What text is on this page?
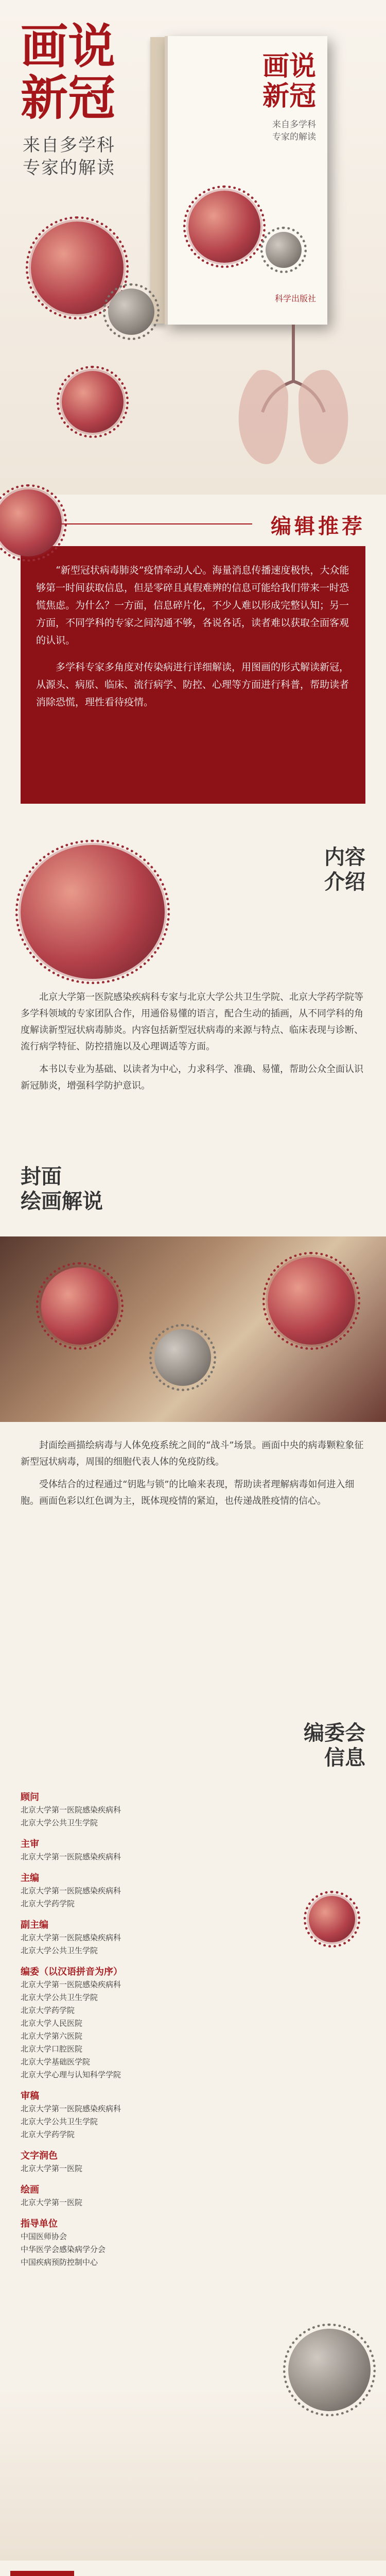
画说
新冠
来自多学科
专家的解读
画说
新冠
来自多学科
专家的解读
科学出版社
编辑推荐

“新型冠状病毒肺炎”疫情牵动人心。海量消息传播速度极快，大众能够第一时间获取信息，但是零碎且真假难辨的信息可能给我们带来一时恐慌焦虑。为什么？一方面，信息碎片化，不少人难以形成完整认知；另一方面，不同学科的专家之间沟通不够，各说各话，读者难以获取全面客观的认识。

多学科专家多角度对传染病进行详细解读，用图画的形式解读新冠，从源头、病原、临床、流行病学、防控、心理等方面进行科普，帮助读者消除恐慌，理性看待疫情。

内容
介绍

北京大学第一医院感染疾病科专家与北京大学公共卫生学院、北京大学药学院等多学科领域的专家团队合作，用通俗易懂的语言，配合生动的插画，从不同学科的角度解读新型冠状病毒肺炎。内容包括新型冠状病毒的来源与特点、临床表现与诊断、流行病学特征、防控措施以及心理调适等方面。

本书以专业为基础、以读者为中心，力求科学、准确、易懂，帮助公众全面认识新冠肺炎，增强科学防护意识。

封面
绘画解说

封面绘画描绘病毒与人体免疫系统之间的“战斗”场景。画面中央的病毒颗粒象征新型冠状病毒，周围的细胞代表人体的免疫防线。

受体结合的过程通过“钥匙与锁”的比喻来表现，帮助读者理解病毒如何进入细胞。画面色彩以红色调为主，既体现疫情的紧迫，也传递战胜疫情的信心。

编委会
信息
顾问

北京大学第一医院感染疾病科

北京大学公共卫生学院

主审

北京大学第一医院感染疾病科

主编

北京大学第一医院感染疾病科

北京大学药学院

副主编

北京大学第一医院感染疾病科

北京大学公共卫生学院

编委（以汉语拼音为序）

北京大学第一医院感染疾病科

北京大学公共卫生学院

北京大学药学院

北京大学人民医院

北京大学第六医院

北京大学口腔医院

北京大学基础医学院

北京大学心理与认知科学学院

审稿

北京大学第一医院感染疾病科

北京大学公共卫生学院

北京大学药学院

文字润色

北京大学第一医院

绘画

北京大学第一医院

指导单位

中国医师协会

中华医学会感染病学分会

中国疾病预防控制中心
